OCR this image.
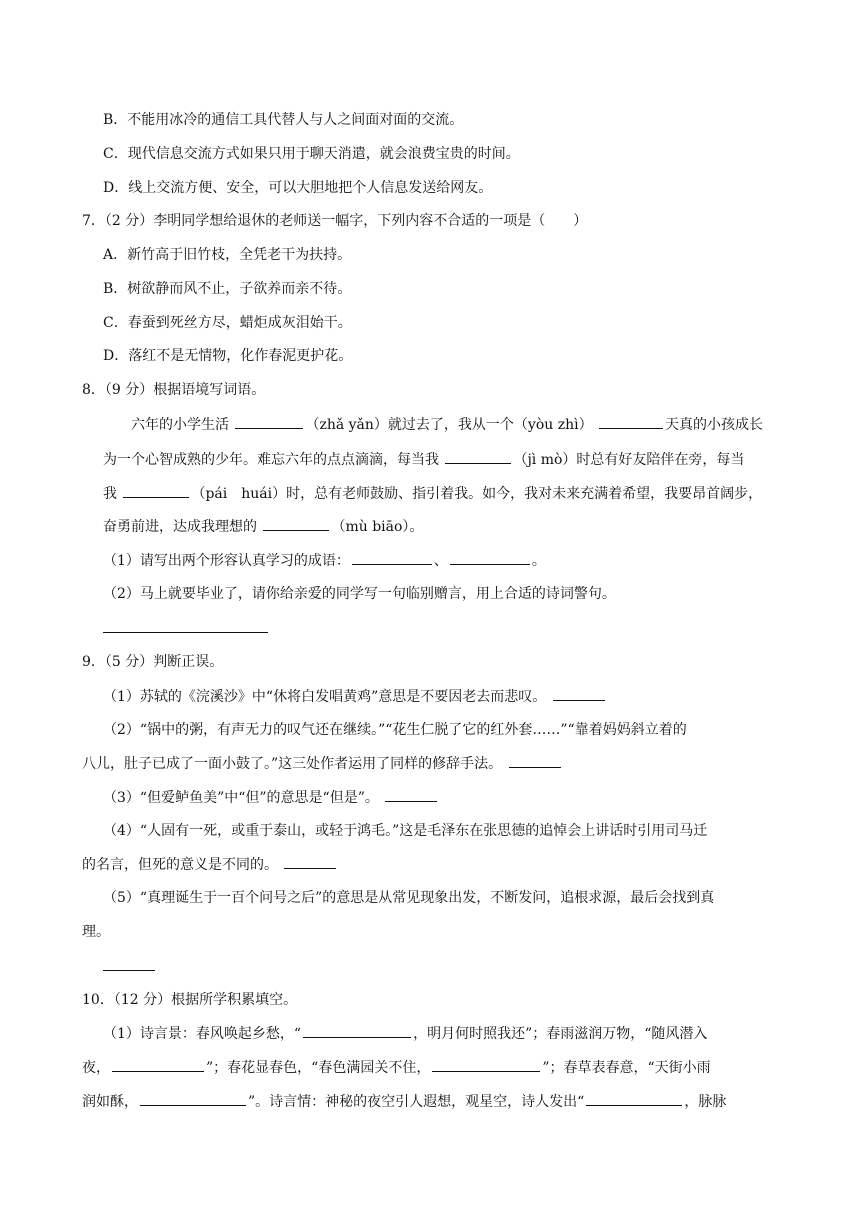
B．不能用冰冷的通信工具代替人与人之间面对面的交流。
C．现代信息交流方式如果只用于聊天消遣，就会浪费宝贵的时间。
D．线上交流方便、安全，可以大胆地把个人信息发送给网友。
7．（2 分）李明同学想给退休的老师送一幅字，下列内容不合适的一项是（　　）
A．新竹高于旧竹枝，全凭老干为扶持。
B．树欲静而风不止，子欲养而亲不待。
C．春蚕到死丝方尽，蜡炬成灰泪始干。
D．落红不是无情物，化作春泥更护花。
8．（9 分）根据语境写词语。
六年的小学生活	（zhǎ yǎn）就过去了，我从一个（yòu zhì）	天真的小孩成长
为一个心智成熟的少年。难忘六年的点点滴滴，每当我	（jì mò）时总有好友陪伴在旁，每当
我	（pái　huái）时，总有老师鼓励、指引着我。如今，我对未来充满着希望，我要昂首阔步，
奋勇前进，达成我理想的	（mù biāo）。
（1）请写出两个形容认真学习的成语：	、	。
（2）马上就要毕业了，请你给亲爱的同学写一句临别赠言，用上合适的诗词警句。
9．（5 分）判断正误。
（1）苏轼的《浣溪沙》中“休将白发唱黄鸡”意思是不要因老去而悲叹。
（2）“锅中的粥，有声无力的叹气还在继续。”“花生仁脱了它的红外套……”“靠着妈妈斜立着的
八儿，肚子已成了一面小鼓了。”这三处作者运用了同样的修辞手法。
（3）“但爱鲈鱼美”中“但”的意思是“但是”。
（4）“人固有一死，或重于泰山，或轻于鸿毛。”这是毛泽东在张思德的追悼会上讲话时引用司马迁
的名言，但死的意义是不同的。
（5）“真理诞生于一百个问号之后”的意思是从常见现象出发，不断发问，追根求源，最后会找到真
理。
10．（12 分）根据所学积累填空。
（1）诗言景：春风唤起乡愁，“	，明月何时照我还”；春雨滋润万物，“随风潜入
夜，	”；春花显春色，“春色满园关不住，	”；春草表春意，“天街小雨
润如酥，	”。诗言情：神秘的夜空引人遐想，观星空，诗人发出“	，脉脉
